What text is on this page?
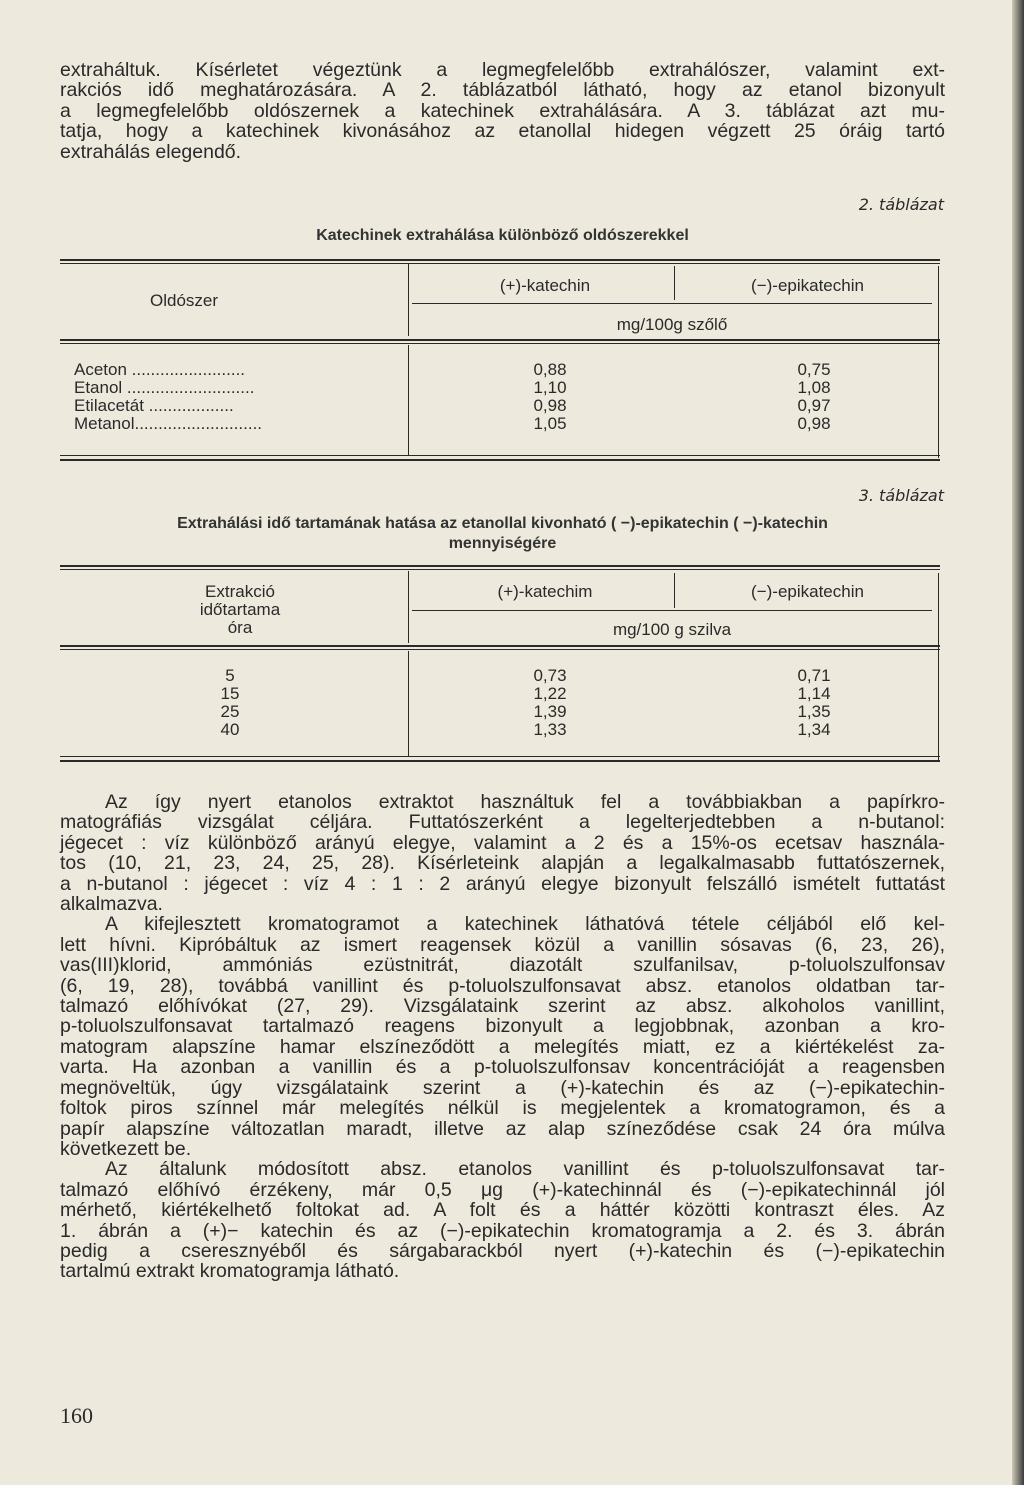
extraháltuk. Kísérletet végeztünk a legmegfelelőbb extrahálószer, valamint ext-
rakciós idő meghatározására. A 2. táblázatból látható, hogy az etanol bizonyult
a legmegfelelőbb oldószernek a katechinek extrahálására. A 3. táblázat azt mu-
tatja, hogy a katechinek kivonásához az etanollal hidegen végzett 25 óráig tartó
extrahálás elegendő.
2. táblázat
Katechinek extrahálása különböző oldószerekkel
Oldószer
(+)-katechin	(−)-epikatechin
mg/100g szőlő
Aceton ........................
Etanol ...........................
Etilacetát ..................
Metanol...........................
0,88
1,10
0,98
1,05
0,75
1,08
0,97
0,98
3. táblázat
Extrahálási idő tartamának hatása az etanollal kivonható ( −)-epikatechin ( −)-katechin
mennyiségére
Extrakció
időtartama
óra
(+)-katechim	(−)-epikatechin
mg/100 g szilva
5
15
25
40
0,73
1,22
1,39
1,33
0,71
1,14
1,35
1,34
Az így nyert etanolos extraktot használtuk fel a továbbiakban a papírkro-
matográfiás vizsgálat céljára. Futtatószerként a legelterjedtebben a n-butanol:
jégecet : víz különböző arányú elegye, valamint a 2 és a 15%-os ecetsav használa-
tos (10, 21, 23, 24, 25, 28). Kísérleteink alapján a legalkalmasabb futtatószernek,
a n-butanol : jégecet : víz 4 : 1 : 2 arányú elegye bizonyult felszálló ismételt futtatást
alkalmazva.
A kifejlesztett kromatogramot a katechinek láthatóvá tétele céljából elő kel-
lett hívni. Kipróbáltuk az ismert reagensek közül a vanillin sósavas (6, 23, 26),
vas(III)klorid, ammóniás ezüstnitrát, diazotált szulfanilsav, p-toluolszulfonsav
(6, 19, 28), továbbá vanillint és p-toluolszulfonsavat absz. etanolos oldatban tar-
talmazó előhívókat (27, 29). Vizsgálataink szerint az absz. alkoholos vanillint,
p-toluolszulfonsavat tartalmazó reagens bizonyult a legjobbnak, azonban a kro-
matogram alapszíne hamar elszíneződött a melegítés miatt, ez a kiértékelést za-
varta. Ha azonban a vanillin és a p-toluolszulfonsav koncentrációját a reagensben
megnöveltük, úgy vizsgálataink szerint a (+)-katechin és az (−)-epikatechin-
foltok piros színnel már melegítés nélkül is megjelentek a kromatogramon, és a
papír alapszíne változatlan maradt, illetve az alap színeződése csak 24 óra múlva
következett be.
Az általunk módosított absz. etanolos vanillint és p-toluolszulfonsavat tar-
talmazó előhívó érzékeny, már 0,5 μg (+)-katechinnál és (−)-epikatechinnál jól
mérhető, kiértékelhető foltokat ad. A folt és a háttér közötti kontraszt éles. Az
1. ábrán a (+)− katechin és az (−)-epikatechin kromatogramja a 2. és 3. ábrán
pedig a cseresznyéből és sárgabarackból nyert (+)-katechin és (−)-epikatechin
tartalmú extrakt kromatogramja látható.
160
